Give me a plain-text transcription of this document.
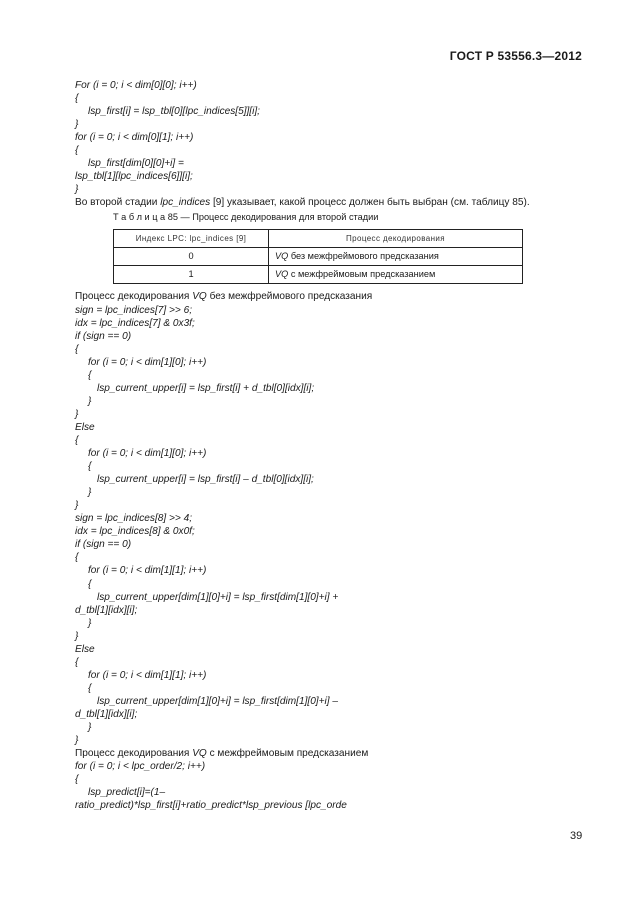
ГОСТ Р 53556.3—2012
For (i = 0; i < dim[0][0]; i++)
{
lsp_first[i] = lsp_tbl[0][lpc_indices[5]][i];
}
for (i = 0; i < dim[0][1]; i++)
{
lsp_first[dim[0][0]+i] =
lsp_tbl[1][lpc_indices[6]][i];
}
Во второй стадии lpc_indices [9] указывает, какой процесс должен быть выбран (см. таблицу 85).
Т а б л и ц а 85 — Процесс декодирования для второй стадии
Индекс LPC: lpc_indices [9]	Процесс декодирования
0	VQ без межфреймового предсказания
1	VQ с межфреймовым предсказанием
Процесс декодирования VQ без межфреймового предсказания
sign = lpc_indices[7] >> 6;
idx = lpc_indices[7] & 0x3f;
if (sign == 0)
{
for (i = 0; i < dim[1][0]; i++)
{
lsp_current_upper[i] = lsp_first[i] + d_tbl[0][idx][i];
}
}
Else
{
for (i = 0; i < dim[1][0]; i++)
{
lsp_current_upper[i] = lsp_first[i] – d_tbl[0][idx][i];
}
}
sign = lpc_indices[8] >> 4;
idx = lpc_indices[8] & 0x0f;
if (sign == 0)
{
for (i = 0; i < dim[1][1]; i++)
{
lsp_current_upper[dim[1][0]+i] = lsp_first[dim[1][0]+i] +
d_tbl[1][idx][i];
}
}
Else
{
for (i = 0; i < dim[1][1]; i++)
{
lsp_current_upper[dim[1][0]+i] = lsp_first[dim[1][0]+i] –
d_tbl[1][idx][i];
}
}
Процесс декодирования VQ с межфреймовым предсказанием
for (i = 0; i < lpc_order/2; i++)
{
lsp_predict[i]=(1–
ratio_predict)*lsp_first[i]+ratio_predict*lsp_previous [lpc_orde
39
